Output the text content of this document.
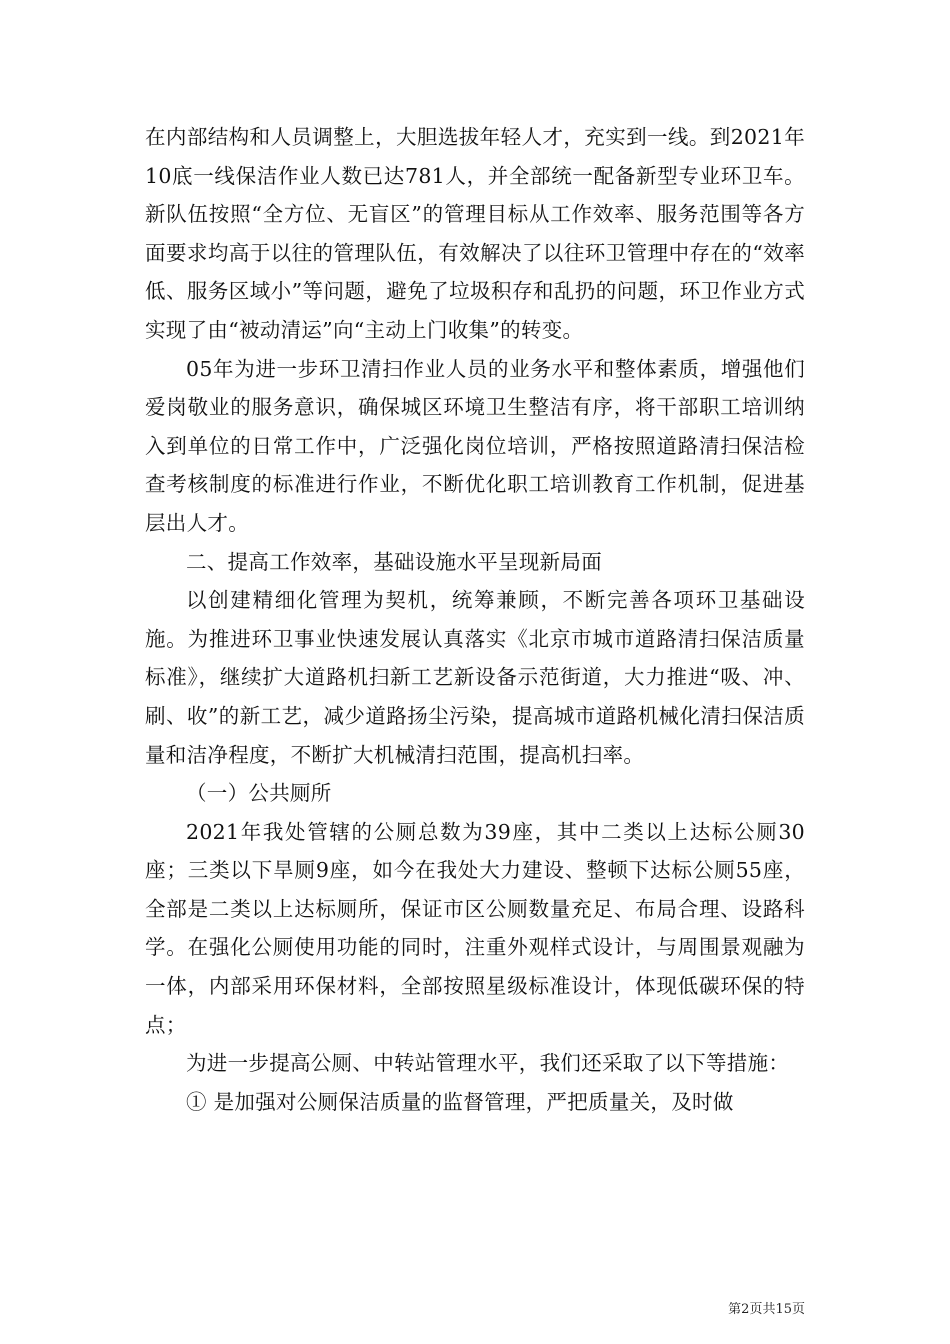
在内部结构和人员调整上，大胆选拔年轻人才，充实到一线。到2021年10底一线保洁作业人数已达781人，并全部统一配备新型专业环卫车。新队伍按照“全方位、无盲区”的管理目标从工作效率、服务范围等各方面要求均高于以往的管理队伍，有效解决了以往环卫管理中存在的“效率低、服务区域小”等问题，避免了垃圾积存和乱扔的问题，环卫作业方式实现了由“被动清运”向“主动上门收集”的转变。

05年为进一步环卫清扫作业人员的业务水平和整体素质，增强他们爱岗敬业的服务意识，确保城区环境卫生整洁有序，将干部职工培训纳入到单位的日常工作中，广泛强化岗位培训，严格按照道路清扫保洁检查考核制度的标准进行作业，不断优化职工培训教育工作机制，促进基层出人才。

二、提高工作效率，基础设施水平呈现新局面

以创建精细化管理为契机，统筹兼顾，不断完善各项环卫基础设施。为推进环卫事业快速发展认真落实《北京市城市道路清扫保洁质量标准》，继续扩大道路机扫新工艺新设备示范街道，大力推进“吸、冲、刷、收”的新工艺，减少道路扬尘污染，提高城市道路机械化清扫保洁质量和洁净程度，不断扩大机械清扫范围，提高机扫率。

（一）公共厕所

2021年我处管辖的公厕总数为39座，其中二类以上达标公厕30座；三类以下旱厕9座，如今在我处大力建设、整顿下达标公厕55座，全部是二类以上达标厕所，保证市区公厕数量充足、布局合理、设路科学。在强化公厕使用功能的同时，注重外观样式设计，与周围景观融为一体，内部采用环保材料，全部按照星级标准设计，体现低碳环保的特点；

为进一步提高公厕、中转站管理水平，我们还采取了以下等措施：

① 是加强对公厕保洁质量的监督管理，严把质量关，及时做

第2页共15页
